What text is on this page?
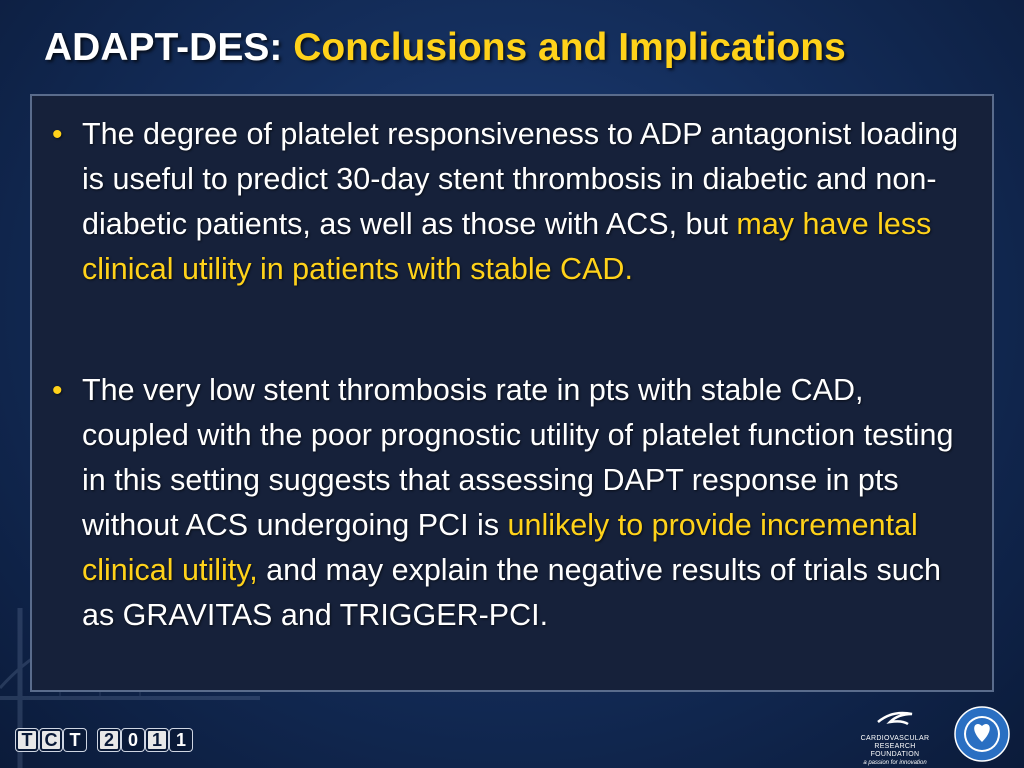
ADAPT-DES: Conclusions and Implications
• The degree of platelet responsiveness to ADP antagonist loading is useful to predict 30-day stent thrombosis in diabetic and non-diabetic patients, as well as those with ACS, but may have less clinical utility in patients with stable CAD.
• The very low stent thrombosis rate in pts with stable CAD, coupled with the poor prognostic utility of platelet function testing in this setting suggests that assessing DAPT response in pts without ACS undergoing PCI is unlikely to provide incremental clinical utility, and may explain the negative results of trials such as GRAVITAS and TRIGGER-PCI.
T C T	2 0 1 1	CARDIOVASCULAR
RESEARCH FOUNDATION
a passion for innovation
